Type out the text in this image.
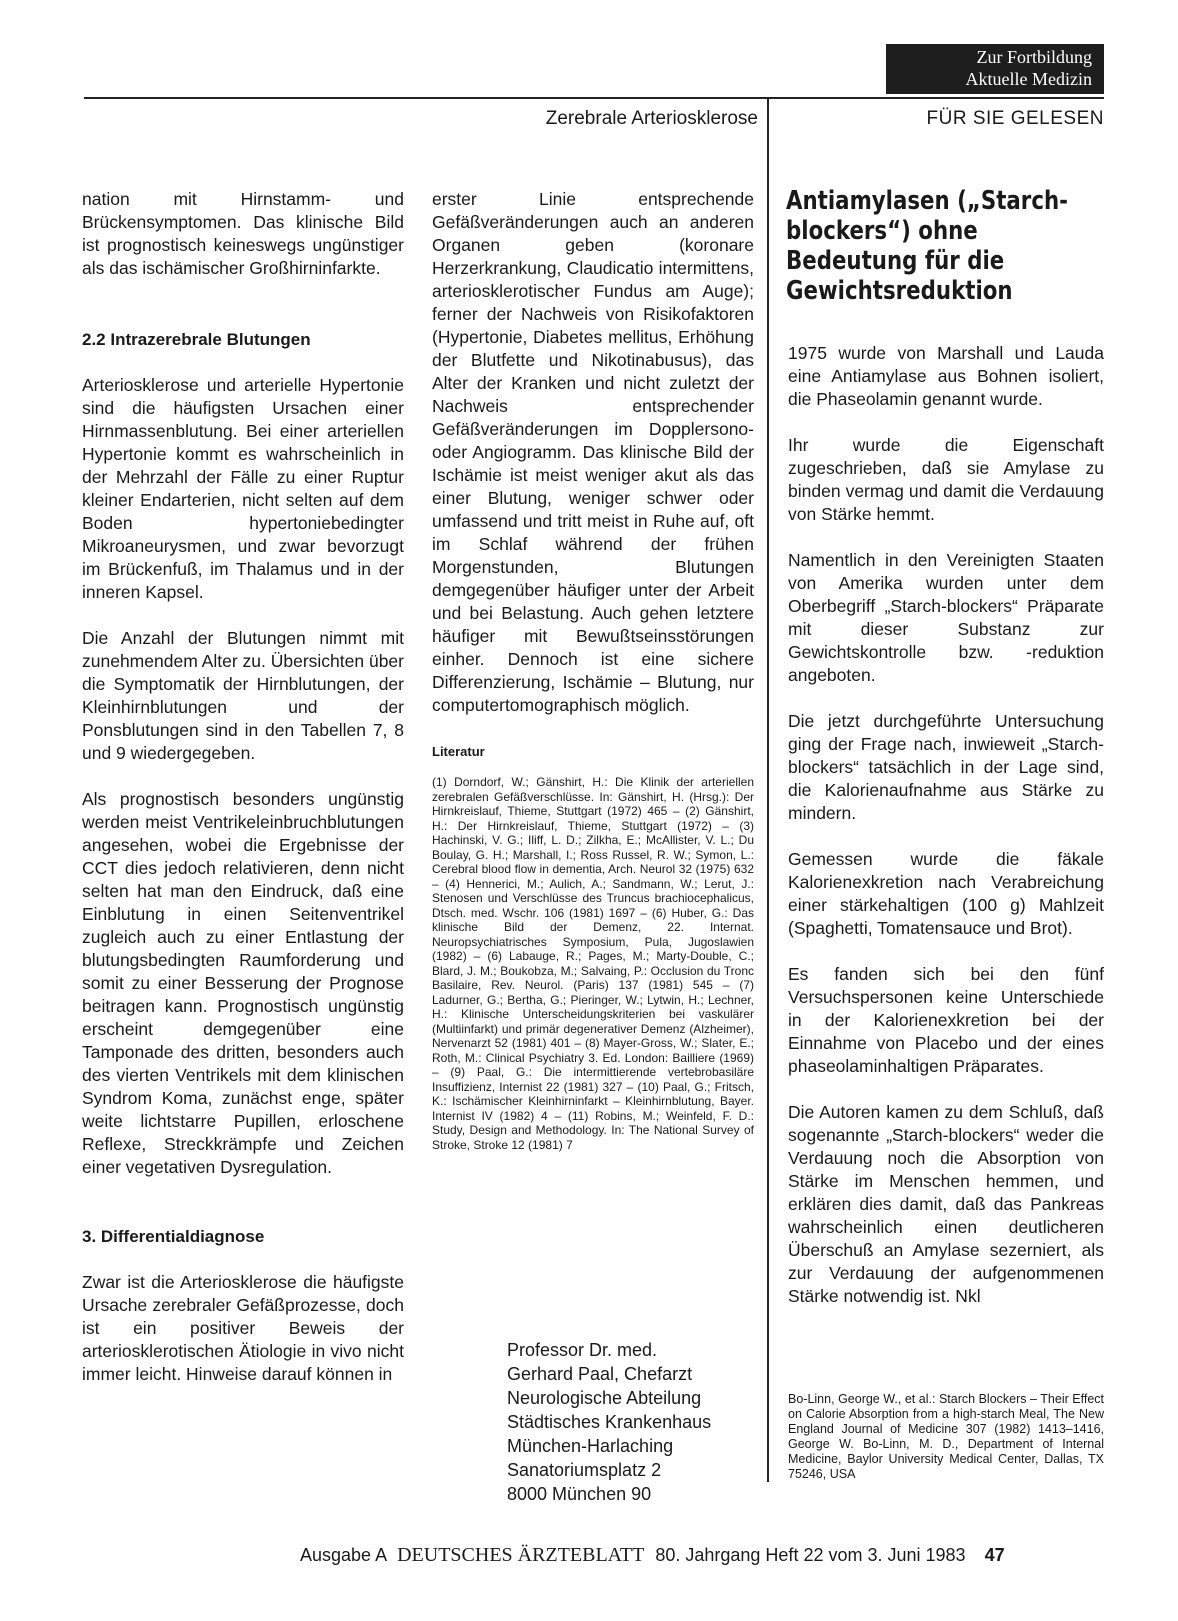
Zur Fortbildung
Aktuelle Medizin
Zerebrale Arteriosklerose	FÜR SIE GELESEN

nation mit Hirnstamm- und Brückensymptomen. Das klinische Bild ist prognostisch keineswegs ungünstiger als das ischämischer Großhirninfarkte.

2.2 Intrazerebrale Blutungen

Arteriosklerose und arterielle Hypertonie sind die häufigsten Ursachen einer Hirnmassenblutung. Bei einer arteriellen Hypertonie kommt es wahrscheinlich in der Mehrzahl der Fälle zu einer Ruptur kleiner Endarterien, nicht selten auf dem Boden hypertoniebedingter Mikroaneurysmen, und zwar bevorzugt im Brückenfuß, im Thalamus und in der inneren Kapsel.

Die Anzahl der Blutungen nimmt mit zunehmendem Alter zu. Übersichten über die Symptomatik der Hirnblutungen, der Kleinhirnblutungen und der Ponsblutungen sind in den Tabellen 7, 8 und 9 wiedergegeben.

Als prognostisch besonders ungünstig werden meist Ventrikeleinbruchblutungen angesehen, wobei die Ergebnisse der CCT dies jedoch relativieren, denn nicht selten hat man den Eindruck, daß eine Einblutung in einen Seitenventrikel zugleich auch zu einer Entlastung der blutungsbedingten Raumforderung und somit zu einer Besserung der Prognose beitragen kann. Prognostisch ungünstig erscheint demgegenüber eine Tamponade des dritten, besonders auch des vierten Ventrikels mit dem klinischen Syndrom Koma, zunächst enge, später weite lichtstarre Pupillen, erloschene Reflexe, Streckkrämpfe und Zeichen einer vegetativen Dysregulation.

3. Differentialdiagnose

Zwar ist die Arteriosklerose die häufigste Ursache zerebraler Gefäßprozesse, doch ist ein positiver Beweis der arteriosklerotischen Ätiologie in vivo nicht immer leicht. Hinweise darauf können in

erster Linie entsprechende Gefäßveränderungen auch an anderen Organen geben (koronare Herzerkrankung, Claudicatio intermittens, arteriosklerotischer Fundus am Auge); ferner der Nachweis von Risikofaktoren (Hypertonie, Diabetes mellitus, Erhöhung der Blutfette und Nikotinabusus), das Alter der Kranken und nicht zuletzt der Nachweis entsprechender Gefäßveränderungen im Dopplersono- oder Angiogramm. Das klinische Bild der Ischämie ist meist weniger akut als das einer Blutung, weniger schwer oder umfassend und tritt meist in Ruhe auf, oft im Schlaf während der frühen Morgenstunden, Blutungen demgegenüber häufiger unter der Arbeit und bei Belastung. Auch gehen letztere häufiger mit Bewußtseinsstörungen einher. Dennoch ist eine sichere Differenzierung, Ischämie – Blutung, nur computertomographisch möglich.

Literatur

(1) Dorndorf, W.; Gänshirt, H.: Die Klinik der arteriellen zerebralen Gefäßverschlüsse. In: Gänshirt, H. (Hrsg.): Der Hirnkreislauf, Thieme, Stuttgart (1972) 465 – (2) Gänshirt, H.: Der Hirnkreislauf, Thieme, Stuttgart (1972) – (3) Hachinski, V. G.; Iliff, L. D.; Zilkha, E.; McAllister, V. L.; Du Boulay, G. H.; Marshall, I.; Ross Russel, R. W.; Symon, L.: Cerebral blood flow in dementia, Arch. Neurol 32 (1975) 632 – (4) Hennerici, M.; Aulich, A.; Sandmann, W.; Lerut, J.: Stenosen und Verschlüsse des Truncus brachiocephalicus, Dtsch. med. Wschr. 106 (1981) 1697 – (6) Huber, G.: Das klinische Bild der Demenz, 22. Internat. Neuropsychiatrisches Symposium, Pula, Jugoslawien (1982) – (6) Labauge, R.; Pages, M.; Marty-Double, C.; Blard, J. M.; Boukobza, M.; Salvaing, P.: Occlusion du Tronc Basilaire, Rev. Neurol. (Paris) 137 (1981) 545 – (7) Ladurner, G.; Bertha, G.; Pieringer, W.; Lytwin, H.; Lechner, H.: Klinische Unterscheidungskriterien bei vaskulärer (Multiinfarkt) und primär degenerativer Demenz (Alzheimer), Nervenarzt 52 (1981) 401 – (8) Mayer-Gross, W.; Slater, E.; Roth, M.: Clinical Psychiatry 3. Ed. London: Bailliere (1969) – (9) Paal, G.: Die intermittierende vertebrobasiläre Insuffizienz, Internist 22 (1981) 327 – (10) Paal, G.; Fritsch, K.: Ischämischer Kleinhirninfarkt – Kleinhirnblutung, Bayer. Internist IV (1982) 4 – (11) Robins, M.; Weinfeld, F. D.: Study, Design and Methodology. In: The National Survey of Stroke, Stroke 12 (1981) 7

Professor Dr. med.
Gerhard Paal, Chefarzt
Neurologische Abteilung
Städtisches Krankenhaus
München-Harlaching
Sanatoriumsplatz 2
8000 München 90
Antiamylasen („Starch-blockers“) ohne Bedeutung für die Gewichtsreduktion

1975 wurde von Marshall und Lauda eine Antiamylase aus Bohnen isoliert, die Phaseolamin genannt wurde.

Ihr wurde die Eigenschaft zugeschrieben, daß sie Amylase zu binden vermag und damit die Verdauung von Stärke hemmt.

Namentlich in den Vereinigten Staaten von Amerika wurden unter dem Oberbegriff „Starch-blockers“ Präparate mit dieser Substanz zur Gewichtskontrolle bzw. -reduktion angeboten.

Die jetzt durchgeführte Untersuchung ging der Frage nach, inwieweit „Starch-blockers“ tatsächlich in der Lage sind, die Kalorienaufnahme aus Stärke zu mindern.

Gemessen wurde die fäkale Kalorienexkretion nach Verabreichung einer stärkehaltigen (100 g) Mahlzeit (Spaghetti, Tomatensauce und Brot).

Es fanden sich bei den fünf Versuchspersonen keine Unterschiede in der Kalorienexkretion bei der Einnahme von Placebo und der eines phaseolaminhaltigen Präparates.

Die Autoren kamen zu dem Schluß, daß sogenannte „Starch-blockers“ weder die Verdauung noch die Absorption von Stärke im Menschen hemmen, und erklären dies damit, daß das Pankreas wahrscheinlich einen deutlicheren Überschuß an Amylase sezerniert, als zur Verdauung der aufgenommenen Stärke notwendig ist. Nkl

Bo-Linn, George W., et al.: Starch Blockers – Their Effect on Calorie Absorption from a high-starch Meal, The New England Journal of Medicine 307 (1982) 1413–1416, George W. Bo-Linn, M. D., Department of Internal Medicine, Baylor University Medical Center, Dallas, TX 75246, USA
Ausgabe A DEUTSCHES ÄRZTEBLATT 80. Jahrgang Heft 22 vom 3. Juni 1983 47
